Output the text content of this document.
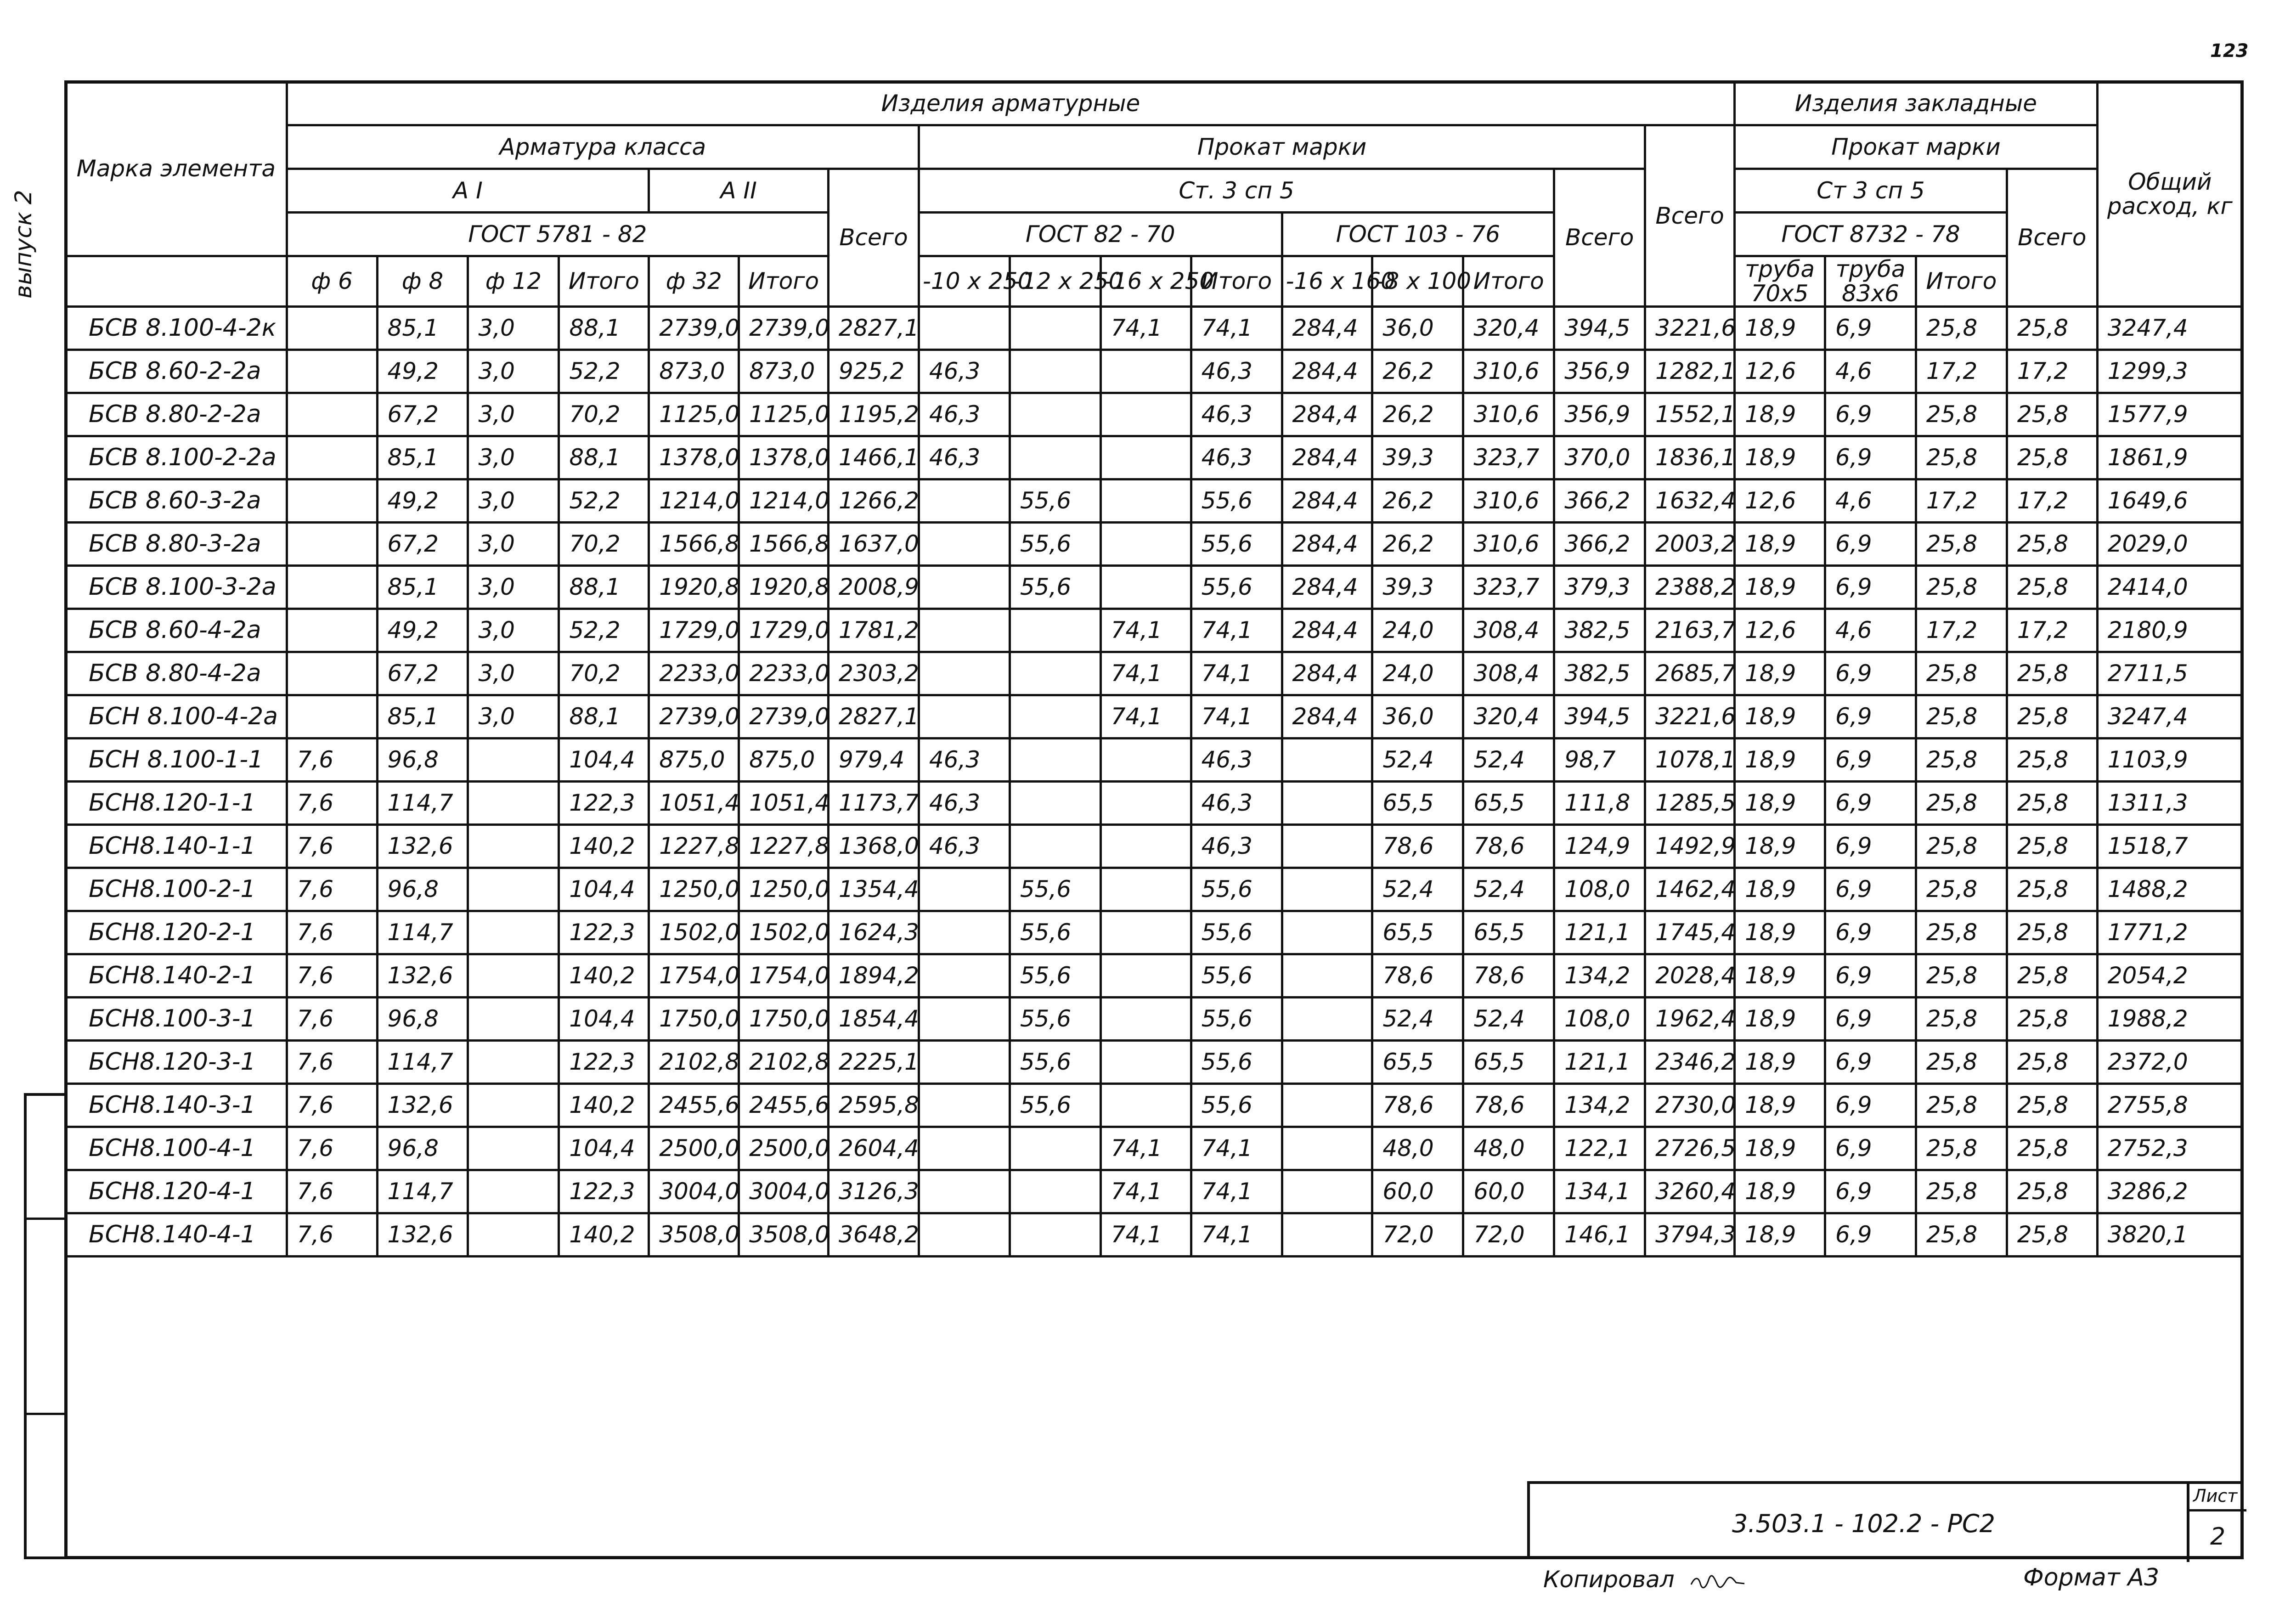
123
выпуск 2
Марка элемента	Изделия арматурные																Изделия закладные				Общий расход, кг
	Арматура класса							Прокат марки								Всего	Прокат марки				
	А I				А II		Всего	Ст. 3 сп 5							Всего		Ст 3 сп 5			Всего	
	ГОСТ 5781 - 82							ГОСТ 82 - 70				ГОСТ 103 - 76					ГОСТ 8732 - 78				
	ф 6	ф 8	ф 12	Итого	ф 32	Итого		-10 х 250	-12 х 250	-16 х 250	Итого	-16 х 160	-8 х 100	Итого			труба 70х5	труба 83х6	Итого		
БСВ 8.100-4-2к		85,1	3,0	88,1	2739,0	2739,0	2827,1			74,1	74,1	284,4	36,0	320,4	394,5	3221,6	18,9	6,9	25,8	25,8	3247,4
БСВ 8.60-2-2а		49,2	3,0	52,2	873,0	873,0	925,2	46,3			46,3	284,4	26,2	310,6	356,9	1282,1	12,6	4,6	17,2	17,2	1299,3
БСВ 8.80-2-2а		67,2	3,0	70,2	1125,0	1125,0	1195,2	46,3			46,3	284,4	26,2	310,6	356,9	1552,1	18,9	6,9	25,8	25,8	1577,9
БСВ 8.100-2-2а		85,1	3,0	88,1	1378,0	1378,0	1466,1	46,3			46,3	284,4	39,3	323,7	370,0	1836,1	18,9	6,9	25,8	25,8	1861,9
БСВ 8.60-3-2а		49,2	3,0	52,2	1214,0	1214,0	1266,2		55,6		55,6	284,4	26,2	310,6	366,2	1632,4	12,6	4,6	17,2	17,2	1649,6
БСВ 8.80-3-2а		67,2	3,0	70,2	1566,8	1566,8	1637,0		55,6		55,6	284,4	26,2	310,6	366,2	2003,2	18,9	6,9	25,8	25,8	2029,0
БСВ 8.100-3-2а		85,1	3,0	88,1	1920,8	1920,8	2008,9		55,6		55,6	284,4	39,3	323,7	379,3	2388,2	18,9	6,9	25,8	25,8	2414,0
БСВ 8.60-4-2а		49,2	3,0	52,2	1729,0	1729,0	1781,2			74,1	74,1	284,4	24,0	308,4	382,5	2163,7	12,6	4,6	17,2	17,2	2180,9
БСВ 8.80-4-2а		67,2	3,0	70,2	2233,0	2233,0	2303,2			74,1	74,1	284,4	24,0	308,4	382,5	2685,7	18,9	6,9	25,8	25,8	2711,5
БСН 8.100-4-2а		85,1	3,0	88,1	2739,0	2739,0	2827,1			74,1	74,1	284,4	36,0	320,4	394,5	3221,6	18,9	6,9	25,8	25,8	3247,4
БСН 8.100-1-1	7,6	96,8		104,4	875,0	875,0	979,4	46,3			46,3		52,4	52,4	98,7	1078,1	18,9	6,9	25,8	25,8	1103,9
БСН8.120-1-1	7,6	114,7		122,3	1051,4	1051,4	1173,7	46,3			46,3		65,5	65,5	111,8	1285,5	18,9	6,9	25,8	25,8	1311,3
БСН8.140-1-1	7,6	132,6		140,2	1227,8	1227,8	1368,0	46,3			46,3		78,6	78,6	124,9	1492,9	18,9	6,9	25,8	25,8	1518,7
БСН8.100-2-1	7,6	96,8		104,4	1250,0	1250,0	1354,4		55,6		55,6		52,4	52,4	108,0	1462,4	18,9	6,9	25,8	25,8	1488,2
БСН8.120-2-1	7,6	114,7		122,3	1502,0	1502,0	1624,3		55,6		55,6		65,5	65,5	121,1	1745,4	18,9	6,9	25,8	25,8	1771,2
БСН8.140-2-1	7,6	132,6		140,2	1754,0	1754,0	1894,2		55,6		55,6		78,6	78,6	134,2	2028,4	18,9	6,9	25,8	25,8	2054,2
БСН8.100-3-1	7,6	96,8		104,4	1750,0	1750,0	1854,4		55,6		55,6		52,4	52,4	108,0	1962,4	18,9	6,9	25,8	25,8	1988,2
БСН8.120-3-1	7,6	114,7		122,3	2102,8	2102,8	2225,1		55,6		55,6		65,5	65,5	121,1	2346,2	18,9	6,9	25,8	25,8	2372,0
БСН8.140-3-1	7,6	132,6		140,2	2455,6	2455,6	2595,8		55,6		55,6		78,6	78,6	134,2	2730,0	18,9	6,9	25,8	25,8	2755,8
БСН8.100-4-1	7,6	96,8		104,4	2500,0	2500,0	2604,4			74,1	74,1		48,0	48,0	122,1	2726,5	18,9	6,9	25,8	25,8	2752,3
БСН8.120-4-1	7,6	114,7		122,3	3004,0	3004,0	3126,3			74,1	74,1		60,0	60,0	134,1	3260,4	18,9	6,9	25,8	25,8	3286,2
БСН8.140-4-1	7,6	132,6		140,2	3508,0	3508,0	3648,2			74,1	74,1		72,0	72,0	146,1	3794,3	18,9	6,9	25,8	25,8	3820,1
3.503.1 - 102.2 - РС2
Лист
2
Копировал	Формат А3
